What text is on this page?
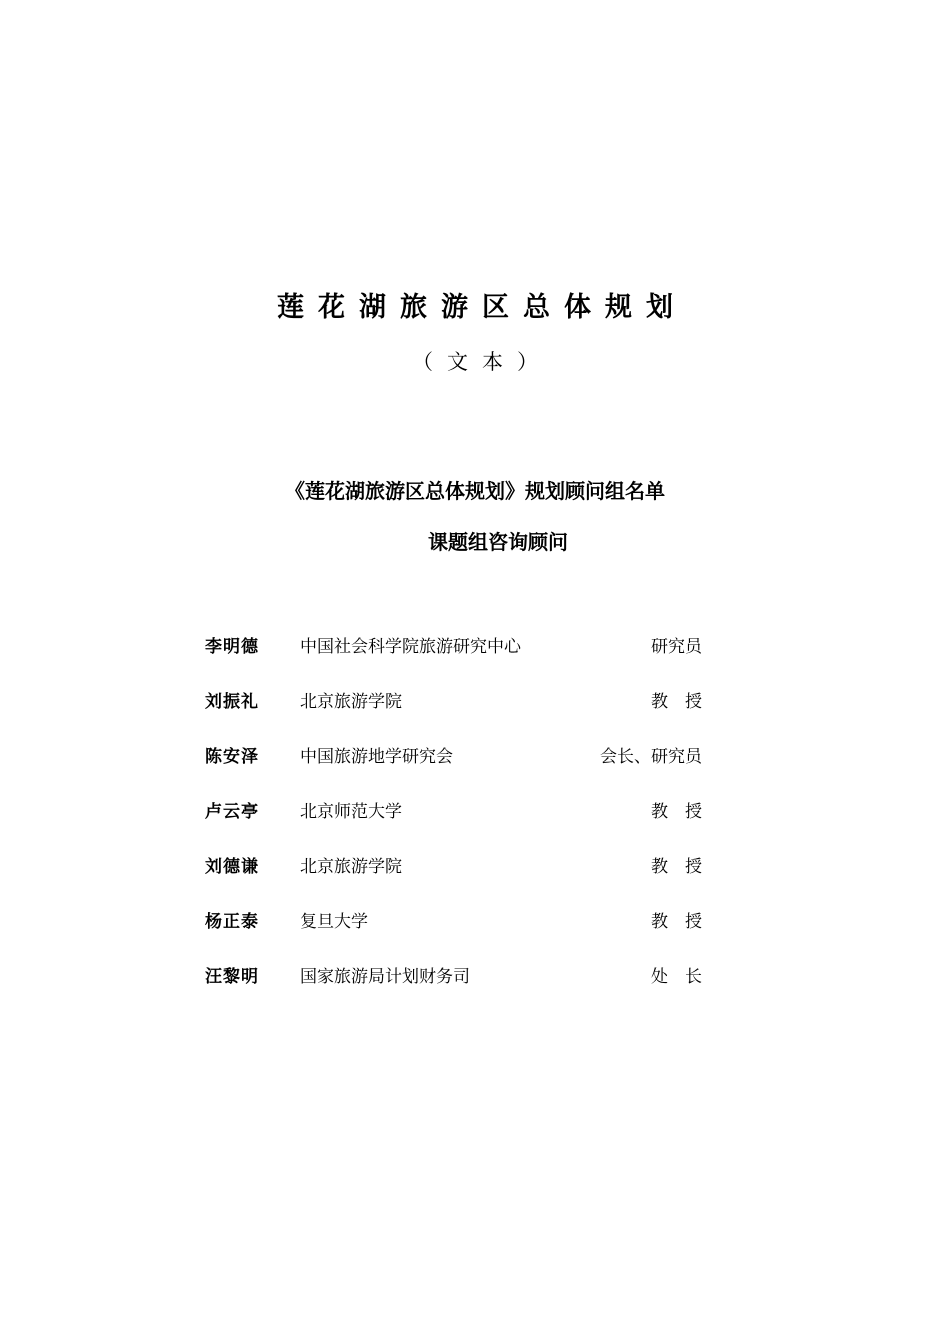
莲花湖旅游区总体规划
（文本）
《莲花湖旅游区总体规划》规划顾问组名单
课题组咨询顾问
李明德 中国社会科学院旅游研究中心	研究员
刘振礼 北京旅游学院	教　授
陈安泽 中国旅游地学研究会	会长、研究员
卢云亭 北京师范大学	教　授
刘德谦 北京旅游学院	教　授
杨正泰 复旦大学	教　授
汪黎明 国家旅游局计划财务司	处　长
